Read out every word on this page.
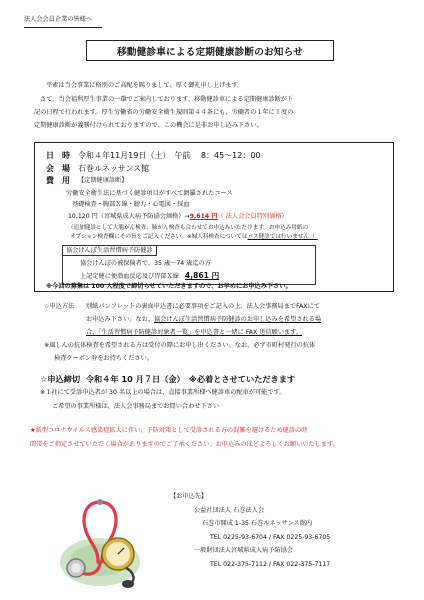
法人会会員企業の皆様へ
移動健診車による定期健康診断のお知らせ
平素は当会事業に格別のご高配を賜りまして、厚く御礼申し上げます。
さて、当会福利厚生事業の一環でご案内しております、移動健診車による定期健康診断が下
記の日程で行われます。厚生労働省の労働安全衛生規則第４４条にも、労働者の１年に１度の
定期健康診断が義務付けられておりますので、この機会に是非お申し込み下さい。
日　時 令和４年11月19日（土）　午前　 8：45～12：00
会　場 石巻ルネッサンス館
費　用 【定期健康診断】
労働安全衛生法に基づく健診項目がすべて網羅されたコース
基礎検査・胸部Ｘ線・聴力・心電図・採血
10,120 円（宮城県成人病予防協会価格）→9,614 円（ 法人会会員特別価格）
（追加健診として大腸がん検査、肺がん検査も合わせてお申込みいただけます。お申込み用紙の
オプション検査欄にその旨をご記入ください。※婦人科検査についてはバス健診では行いません。）
協会けんぽ生活習慣病予防健診
協会けんぽの被保険者で、35 歳～74 歳迄の方
上記定健に便潜血反応及び胃部Ｘ線 4,861 円
※今回の募集は 100 人程度で締切らせていただきますので、お早めにお申込み下さい。
☆申込方法 別紙パンフレットの裏面申込書に必要事項をご記入の上、法人会事務局までFAXにて
お申込み下さい。なお、協会けんぽ生活習慣病予防健診のお申し込みを希望される場
合、「生活習慣病予防健診対象者一覧」を申込書と一緒に FAX 送信願います。
※風しんの抗体検査を希望される方は受付の際にお申し出ください。なお、必ず市町村発行の抗体
検査クーポン券をお持ちください。
☆申込締切 令和４年 10 月７日（金）　※必着とさせていただきます
※１社にて受診申込者が 30 名以上の場合は、直接事業所様へ健診車の配車が可能です。
ご希望の事業所様は、法人会事務局までお問い合わせ下さい
★新型コロナウイルス感染症拡大に伴い、予防対策として受診される方の混雑を避けるため健診の時
間帯をご指定させていただく場合がありますのでご了承ください。お申込みのほどよろしくお願いいたします。
【お申込先】
公益社団法人 石巻法人会
石巻市開成 1-35 石巻ルネッサンス館内
TEL 0225-93-6704 / FAX 0225-93-6705
一般財団法人宮城県成人病予防協会
TEL 022-375-7112 / FAX 022-375-7117
